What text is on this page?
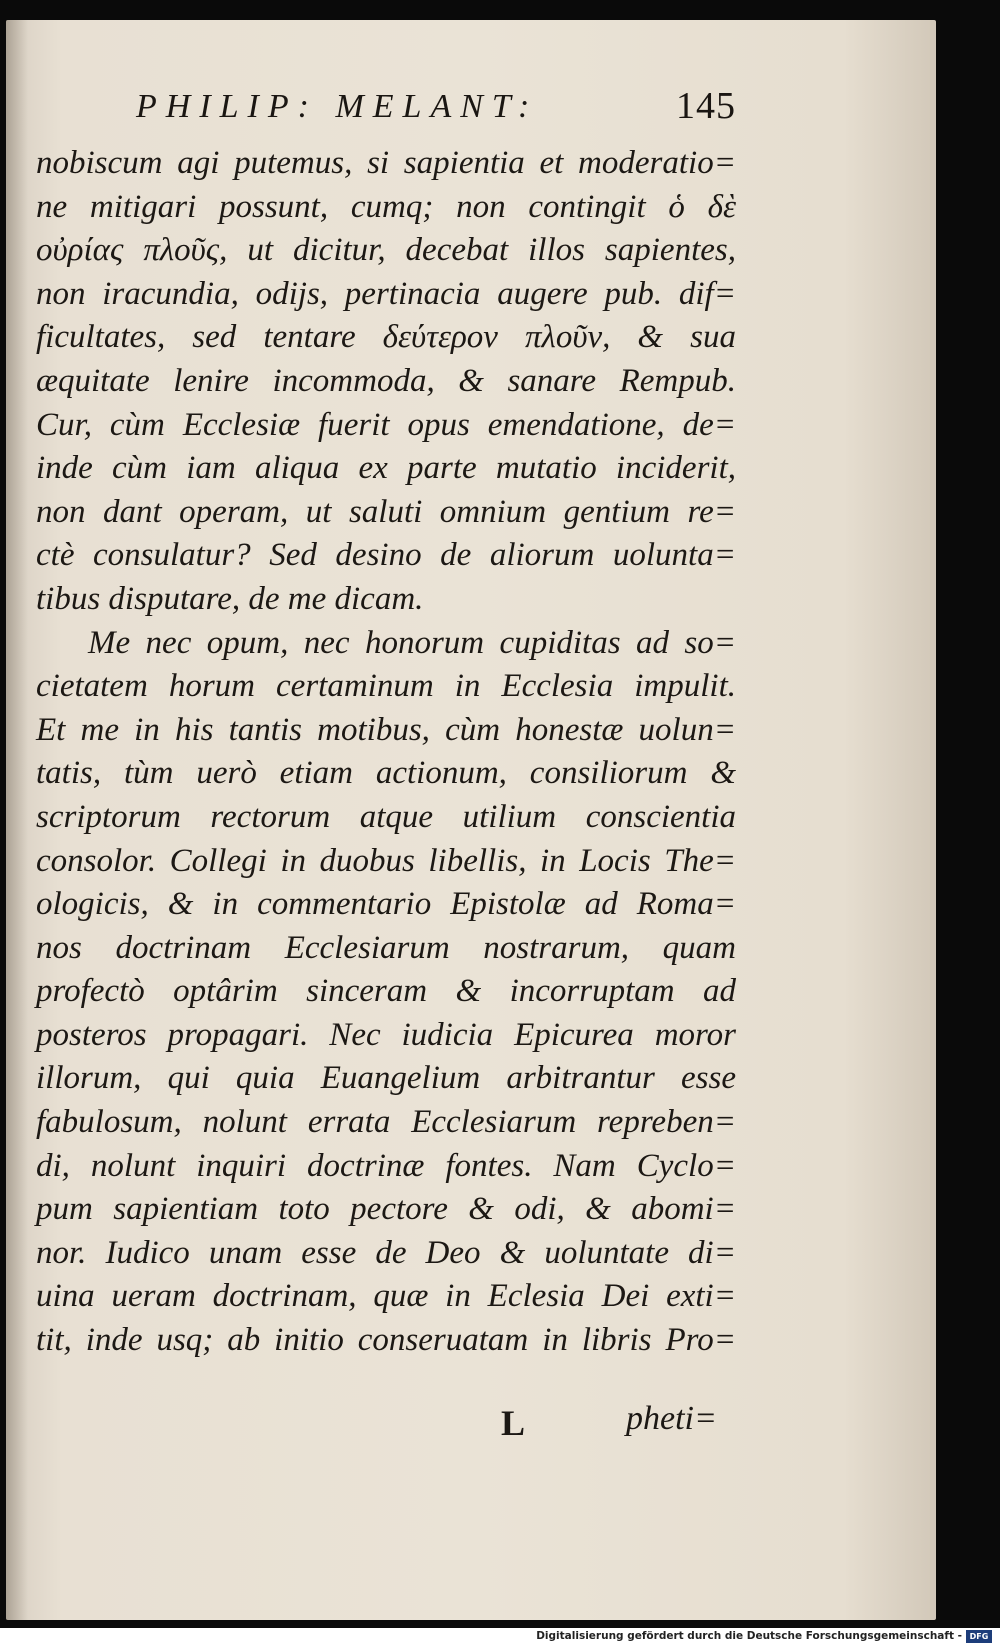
PHILIP: MELANT:	145
nobiscum agi putemus, si sapientia et moderatio=
ne mitigari possunt, cumq; non contingit ὁ δὲ
οὐρίας πλοῦς, ut dicitur, decebat illos sapientes,
non iracundia, odijs, pertinacia augere pub. dif=
ficultates, sed tentare δεύτερον πλοῦν, & sua
æquitate lenire incommoda, & sanare Rempub.
Cur, cùm Ecclesiæ fuerit opus emendatione, de=
inde cùm iam aliqua ex parte mutatio inciderit,
non dant operam, ut saluti omnium gentium re=
ctè consulatur? Sed desino de aliorum uolunta=
tibus disputare, de me dicam.
Me nec opum, nec honorum cupiditas ad so=
cietatem horum certaminum in Ecclesia impulit.
Et me in his tantis motibus, cùm honestæ uolun=
tatis, tùm uerò etiam actionum, consiliorum &
scriptorum rectorum atque utilium conscientia
consolor. Collegi in duobus libellis, in Locis The=
ologicis, & in commentario Epistolæ ad Roma=
nos doctrinam Ecclesiarum nostrarum, quam
profectò optârim sinceram & incorruptam ad
posteros propagari. Nec iudicia Epicurea moror
illorum, qui quia Euangelium arbitrantur esse
fabulosum, nolunt errata Ecclesiarum repreben=
di, nolunt inquiri doctrinæ fontes. Nam Cyclo=
pum sapientiam toto pectore & odi, & abomi=
nor. Iudico unam esse de Deo & uoluntate di=
uina ueram doctrinam, quæ in Eclesia Dei exti=
tit, inde usq; ab initio conseruatam in libris Pro=
L	pheti=
Digitalisierung gefördert durch die Deutsche Forschungsgemeinschaft - DFG
